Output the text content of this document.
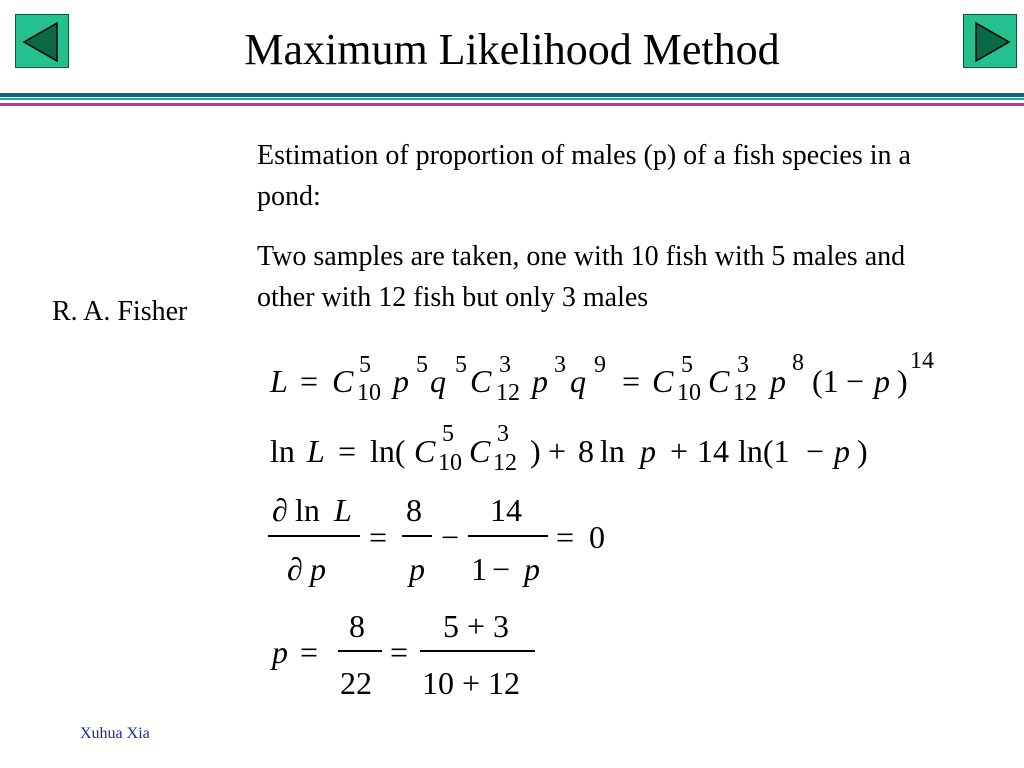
Maximum Likelihood Method
Estimation of proportion of males (p) of a fish species in a pond:
Two samples are taken, one with 10 fish with 5 males and other with 12 fish but only 3 males
R. A. Fisher
L = C 5
10 p 5 q 5 C 3
12 p 3 q 9 = C 5
10 C 3
12 p 8 (1 − p )
14
ln L = ln( C 5
10 C 3
12 ) + 8 ln p + 14 ln(1 − p )
∂ ln L
∂ p
=
8
p
−
14
1 − p
= 0
p =
8
22
=
5 + 3
10 + 12
Xuhua Xia
